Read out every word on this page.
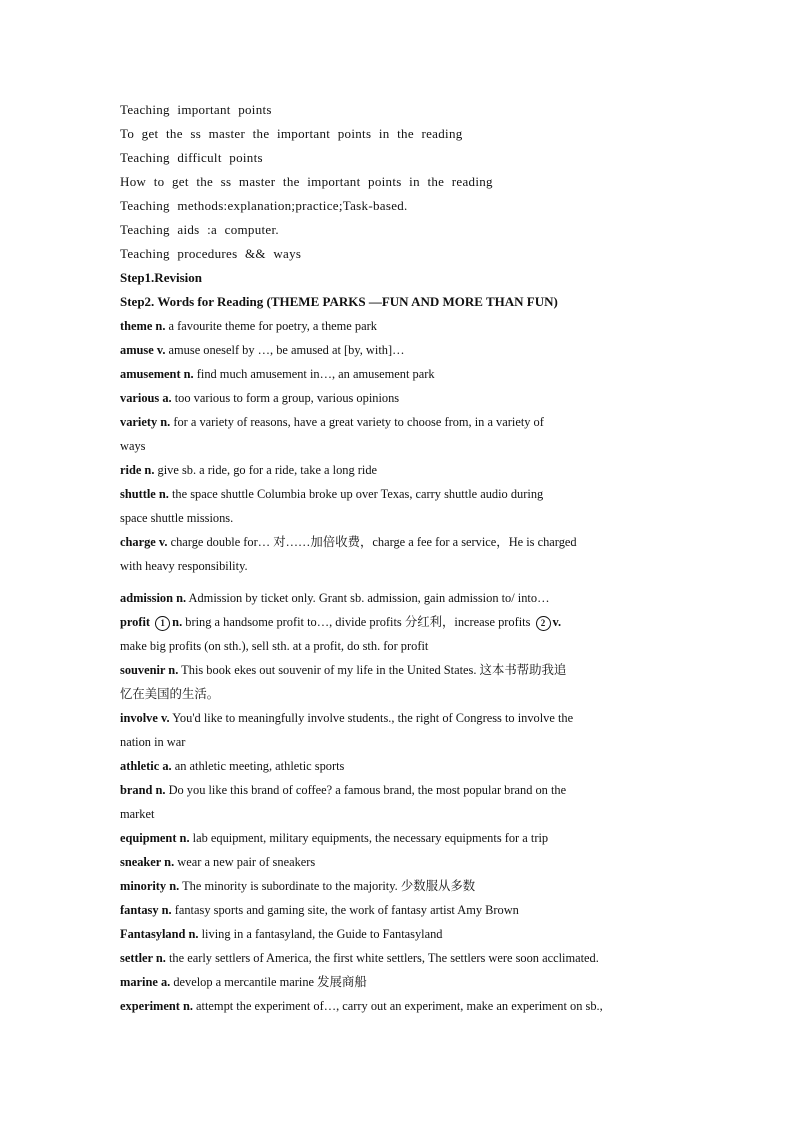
Teaching important points
To get the ss master the important points in the reading
Teaching difficult points
How to get the ss master the important points in the reading
Teaching methods:explanation;practice;Task-based.
Teaching aids :a computer.
Teaching procedures && ways
Step1.Revision
Step2. Words for Reading (THEME PARKS —FUN AND MORE THAN FUN)
theme n. a favourite theme for poetry, a theme park
amuse v. amuse oneself by …, be amused at [by, with]…
amusement n. find much amusement in…, an amusement park
various a. too various to form a group, various opinions
variety n. for a variety of reasons, have a great variety to choose from, in a variety of
ways
ride n. give sb. a ride, go for a ride, take a long ride
shuttle n. the space shuttle Columbia broke up over Texas, carry shuttle audio during
space shuttle missions.
charge v. charge double for… 对……加倍收费，charge a fee for a service，He is charged
with heavy responsibility.
admission n. Admission by ticket only. Grant sb. admission, gain admission to/ into…
profit 1 n. bring a handsome profit to…, divide profits 分红利，increase profits 2 v.
make big profits (on sth.), sell sth. at a profit, do sth. for profit
souvenir n. This book ekes out souvenir of my life in the United States. 这本书帮助我追
忆在美国的生活。
involve v. You'd like to meaningfully involve students., the right of Congress to involve the
nation in war
athletic a. an athletic meeting, athletic sports
brand n. Do you like this brand of coffee? a famous brand, the most popular brand on the
market
equipment n. lab equipment, military equipments, the necessary equipments for a trip
sneaker n. wear a new pair of sneakers
minority n. The minority is subordinate to the majority. 少数服从多数
fantasy n. fantasy sports and gaming site, the work of fantasy artist Amy Brown
Fantasyland n. living in a fantasyland, the Guide to Fantasyland
settler n. the early settlers of America, the first white settlers, The settlers were soon acclimated.
marine a. develop a mercantile marine 发展商船
experiment n. attempt the experiment of…, carry out an experiment, make an experiment on sb.,
